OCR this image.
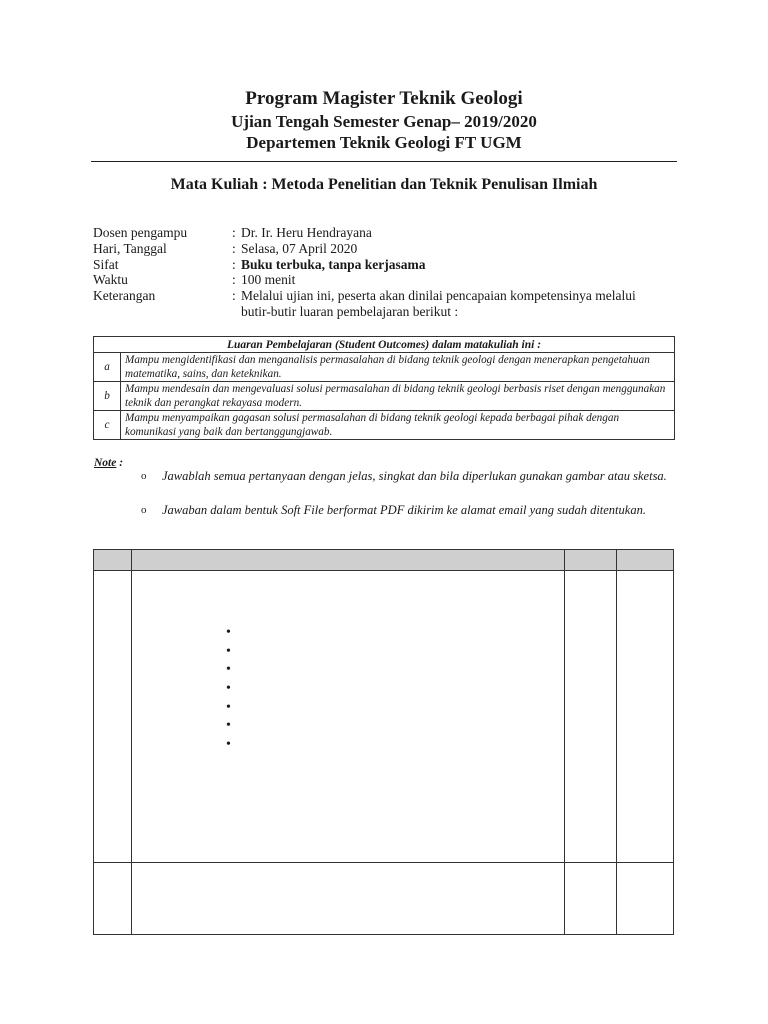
Program Magister Teknik Geologi
Ujian Tengah Semester Genap– 2019/2020
Departemen Teknik Geologi FT UGM
Mata Kuliah : Metoda Penelitian dan Teknik Penulisan Ilmiah
Dosen pengampu	: Dr. Ir. Heru Hendrayana
Hari, Tanggal	: Selasa, 07 April 2020
Sifat	: Buku terbuka, tanpa kerjasama
Waktu	: 100 menit
Keterangan	: Melalui ujian ini, peserta akan dinilai pencapaian kompetensinya melalui
butir-butir luaran pembelajaran berikut :
Luaran Pembelajaran (Student Outcomes) dalam matakuliah ini :	
a	Mampu mengidentifikasi dan menganalisis permasalahan di bidang teknik geologi dengan menerapkan pengetahuan matematika, sains, dan keteknikan.
b	Mampu mendesain dan mengevaluasi solusi permasalahan di bidang teknik geologi berbasis riset dengan menggunakan teknik dan perangkat rekayasa modern.
c	Mampu menyampaikan gagasan solusi permasalahan di bidang teknik geologi kepada berbagai pihak dengan komunikasi yang baik dan bertanggungjawab.
Note :
o Jawablah semua pertanyaan dengan jelas, singkat dan bila diperlukan gunakan gambar atau sketsa.
o Jawaban dalam bentuk Soft File berformat PDF dikirim ke alamat email yang sudah ditentukan.

•
•
•
•
•
•
•
